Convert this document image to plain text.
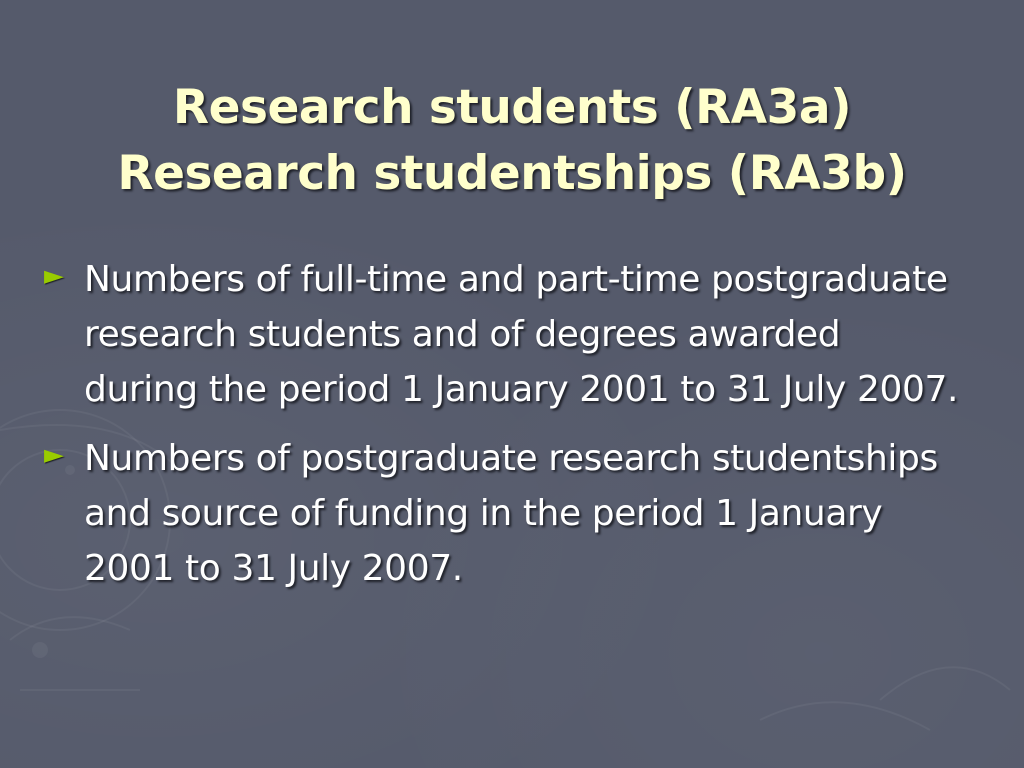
Research students (RA3a)
Research studentships (RA3b)
► Numbers of full-time and part-time postgraduate research students and of degrees awarded during the period 1 January 2001 to 31 July 2007.
► Numbers of postgraduate research studentships and source of funding in the period 1 January 2001 to 31 July 2007.
